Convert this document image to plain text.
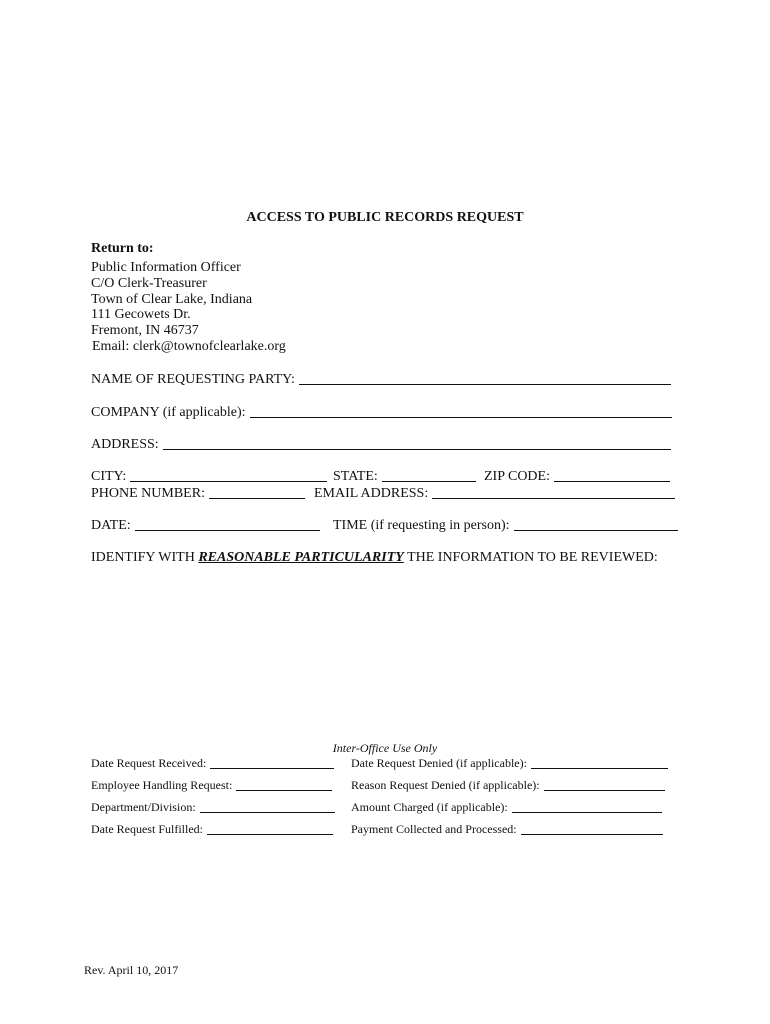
ACCESS TO PUBLIC RECORDS REQUEST
Return to:
Public Information Officer
C/O Clerk-Treasurer
Town of Clear Lake, Indiana
111 Gecowets Dr.
Fremont, IN 46737
Email: clerk@townofclearlake.org
NAME OF REQUESTING PARTY:
COMPANY (if applicable):
ADDRESS:
CITY:	STATE:	ZIP CODE:
PHONE NUMBER:	EMAIL ADDRESS:
DATE:	TIME (if requesting in person):
IDENTIFY WITH REASONABLE PARTICULARITY THE INFORMATION TO BE REVIEWED:
Inter-Office Use Only
Date Request Received:
Employee Handling Request:
Department/Division:
Date Request Fulfilled:
Date Request Denied (if applicable):
Reason Request Denied (if applicable):
Amount Charged (if applicable):
Payment Collected and Processed:
Rev. April 10, 2017
